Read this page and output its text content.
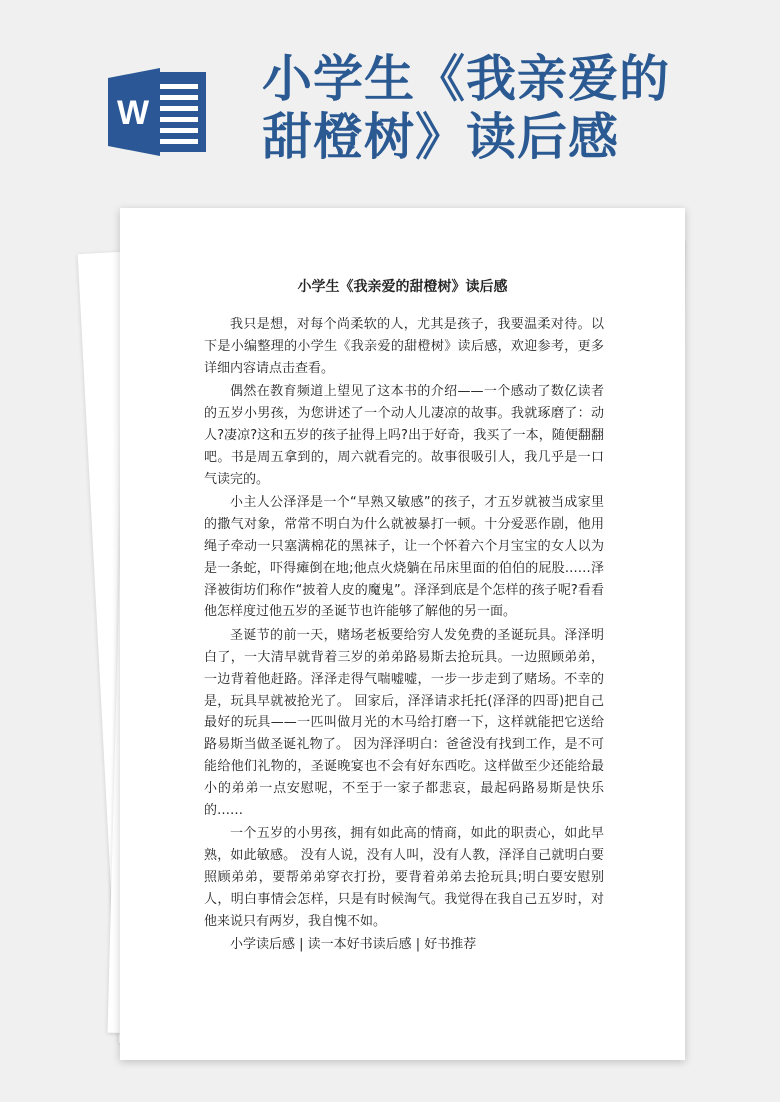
W
小学生《我亲爱的
甜橙树》读后感
小学生《我亲爱的甜橙树》读后感

我只是想，对每个尚柔软的人，尤其是孩子，我要温柔对待。以下是小编整理的小学生《我亲爱的甜橙树》读后感，欢迎参考，更多详细内容请点击查看。

偶然在教育频道上望见了这本书的介绍——一个感动了数亿读者的五岁小男孩，为您讲述了一个动人儿凄凉的故事。我就琢磨了：动人?凄凉?这和五岁的孩子扯得上吗?出于好奇，我买了一本，随便翻翻吧。书是周五拿到的，周六就看完的。故事很吸引人，我几乎是一口气读完的。

小主人公泽泽是一个“早熟又敏感”的孩子，才五岁就被当成家里的撒气对象，常常不明白为什么就被暴打一顿。十分爱恶作剧，他用绳子牵动一只塞满棉花的黑袜子，让一个怀着六个月宝宝的女人以为是一条蛇，吓得瘫倒在地;他点火烧躺在吊床里面的伯伯的屁股……泽泽被街坊们称作“披着人皮的魔鬼”。泽泽到底是个怎样的孩子呢?看看他怎样度过他五岁的圣诞节也许能够了解他的另一面。

圣诞节的前一天，赌场老板要给穷人发免费的圣诞玩具。泽泽明白了，一大清早就背着三岁的弟弟路易斯去抢玩具。一边照顾弟弟，一边背着他赶路。泽泽走得气喘嘘嘘，一步一步走到了赌场。不幸的是，玩具早就被抢光了。 回家后，泽泽请求托托(泽泽的四哥)把自己最好的玩具——一匹叫做月光的木马给打磨一下，这样就能把它送给路易斯当做圣诞礼物了。 因为泽泽明白：爸爸没有找到工作，是不可能给他们礼物的，圣诞晚宴也不会有好东西吃。这样做至少还能给最小的弟弟一点安慰呢，不至于一家子都悲哀，最起码路易斯是快乐的……

一个五岁的小男孩，拥有如此高的情商，如此的职责心，如此早熟，如此敏感。 没有人说，没有人叫，没有人教，泽泽自己就明白要照顾弟弟，要帮弟弟穿衣打扮，要背着弟弟去抢玩具;明白要安慰别人，明白事情会怎样，只是有时候淘气。我觉得在我自己五岁时，对他来说只有两岁，我自愧不如。

小学读后感 | 读一本好书读后感 | 好书推荐
